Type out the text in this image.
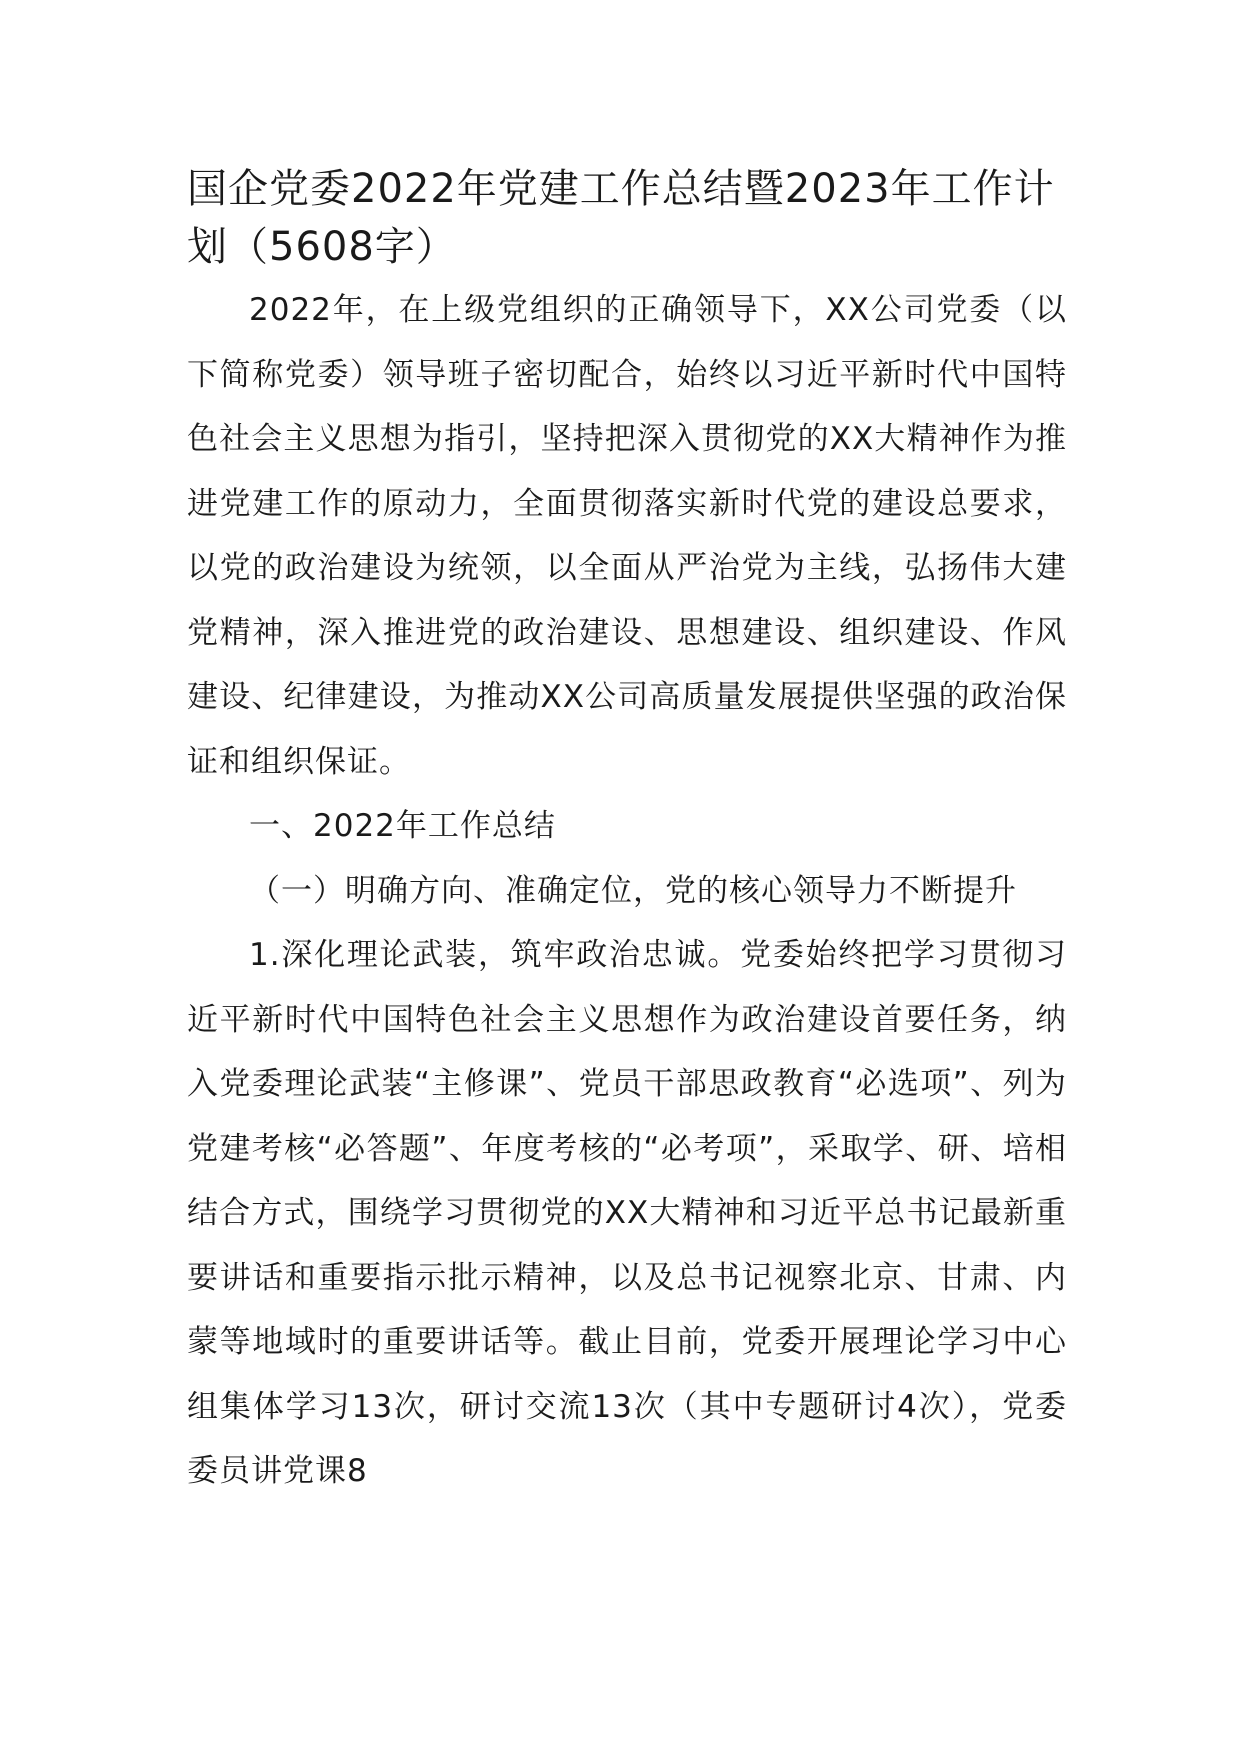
国企党委2022年党建工作总结暨2023年工作计划（5608字）

2022年，在上级党组织的正确领导下，XX公司党委（以下简称党委）领导班子密切配合，始终以习近平新时代中国特色社会主义思想为指引，坚持把深入贯彻党的XX大精神作为推进党建工作的原动力，全面贯彻落实新时代党的建设总要求，以党的政治建设为统领，以全面从严治党为主线，弘扬伟大建党精神，深入推进党的政治建设、思想建设、组织建设、作风建设、纪律建设，为推动XX公司高质量发展提供坚强的政治保证和组织保证。

一、2022年工作总结

（一）明确方向、准确定位，党的核心领导力不断提升

1.深化理论武装，筑牢政治忠诚。党委始终把学习贯彻习近平新时代中国特色社会主义思想作为政治建设首要任务，纳入党委理论武装“主修课”、党员干部思政教育“必选项”、列为党建考核“必答题”、年度考核的“必考项”，采取学、研、培相结合方式，围绕学习贯彻党的XX大精神和习近平总书记最新重要讲话和重要指示批示精神，以及总书记视察北京、甘肃、内蒙等地域时的重要讲话等。截止目前，党委开展理论学习中心组集体学习13次，研讨交流13次（其中专题研讨4次），党委委员讲党课8
